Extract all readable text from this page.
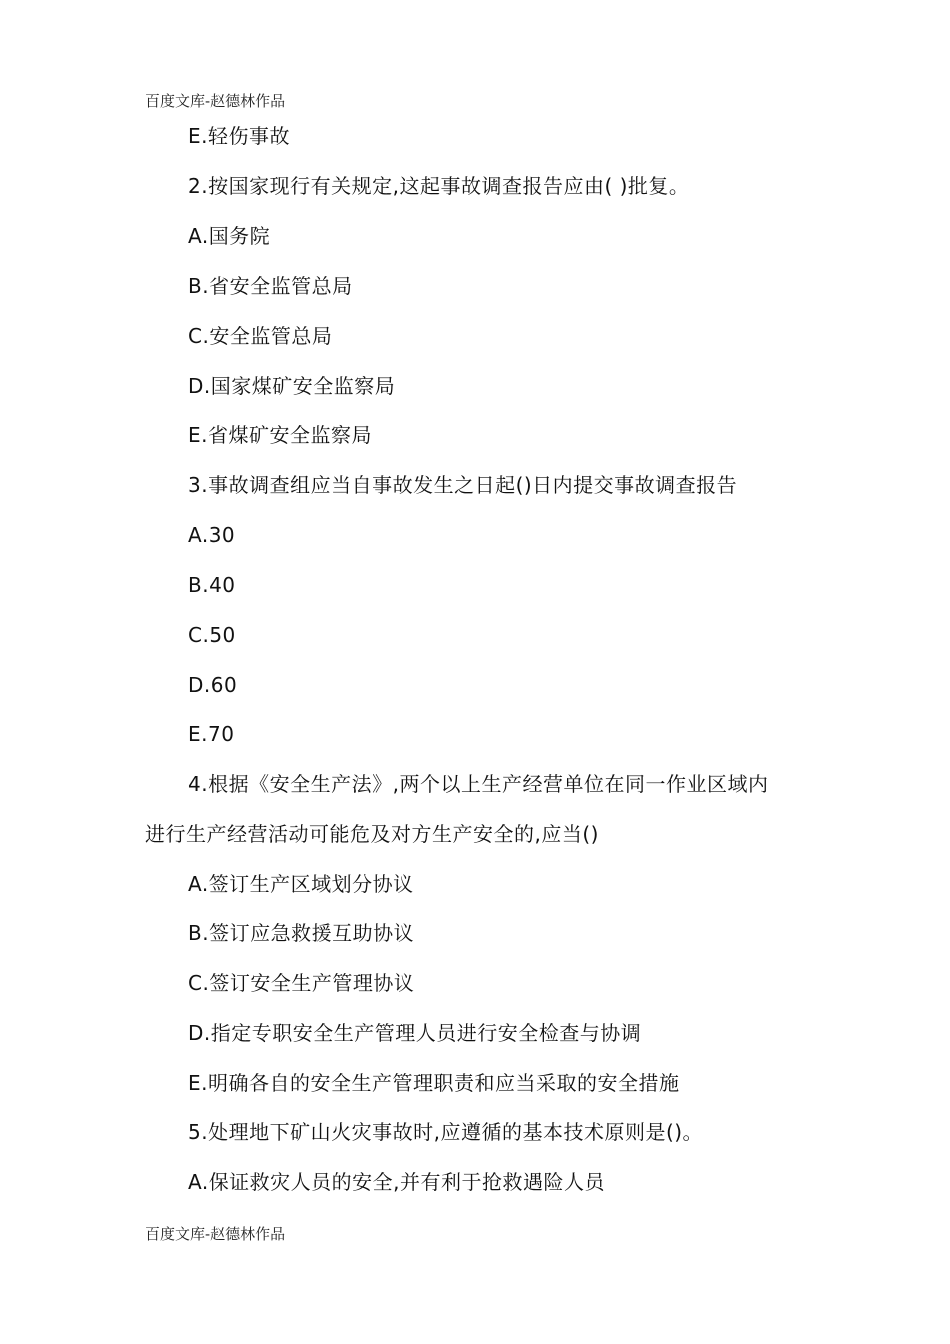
百度文库-赵德林作品
E.轻伤事故
2.按国家现行有关规定,这起事故调查报告应由( )批复。
A.国务院
B.省安全监管总局
C.安全监管总局
D.国家煤矿安全监察局
E.省煤矿安全监察局
3.事故调查组应当自事故发生之日起()日内提交事故调查报告
A.30
B.40
C.50
D.60
E.70
4.根据《安全生产法》,两个以上生产经营单位在同一作业区域内
进行生产经营活动可能危及对方生产安全的,应当()
A.签订生产区域划分协议
B.签订应急救援互助协议
C.签订安全生产管理协议
D.指定专职安全生产管理人员进行安全检查与协调
E.明确各自的安全生产管理职责和应当采取的安全措施
5.处理地下矿山火灾事故时,应遵循的基本技术原则是()。
A.保证救灾人员的安全,并有利于抢救遇险人员
百度文库-赵德林作品
